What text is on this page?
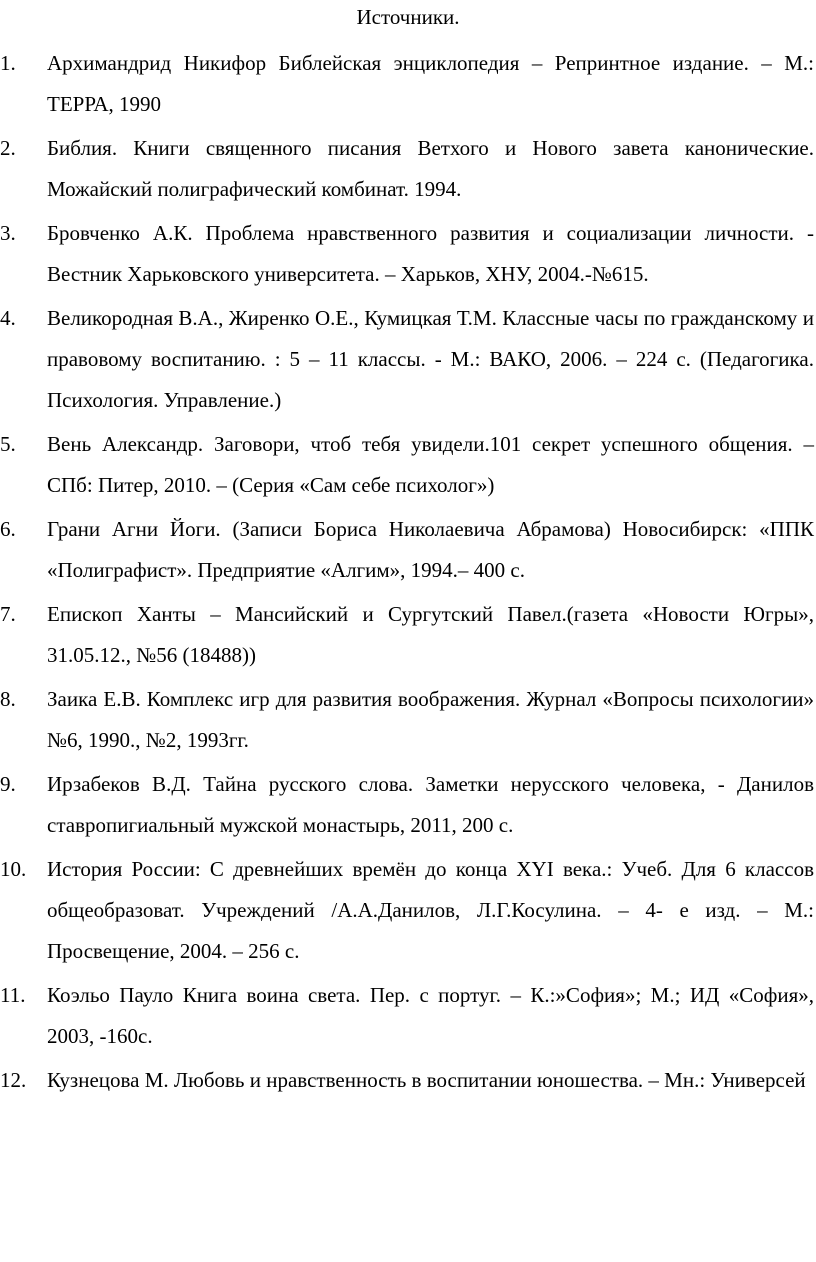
Источники.
1.	Архимандрид Никифор Библейская энциклопедия – Репринтное издание. – М.: ТЕРРА, 1990
2.	Библия. Книги священного писания Ветхого и Нового завета канонические. Можайский полиграфический комбинат. 1994.
3.	Бровченко А.К. Проблема нравственного развития и социализации личности. - Вестник Харьковского университета. – Харьков, ХНУ, 2004.-№615.
4.	Великородная В.А., Жиренко О.Е., Кумицкая Т.М. Классные часы по гражданскому и правовому воспитанию. : 5 – 11 классы. - М.: ВАКО, 2006. – 224 с. (Педагогика. Психология. Управление.)
5.	Вень Александр. Заговори, чтоб тебя увидели.101 секрет успешного общения. – СПб: Питер, 2010. – (Серия «Сам себе психолог»)
6.	Грани Агни Йоги. (Записи Бориса Николаевича Абрамова) Новосибирск: «ППК «Полиграфист». Предприятие «Алгим», 1994.– 400 с.
7.	Епископ Ханты – Мансийский и Сургутский Павел.(газета «Новости Югры», 31.05.12., №56 (18488))
8.	Заика Е.В. Комплекс игр для развития воображения. Журнал «Вопросы психологии» №6, 1990., №2, 1993гг.
9.	Ирзабеков В.Д. Тайна русского слова. Заметки нерусского человека, - Данилов ставропигиальный мужской монастырь, 2011, 200 с.
10. История России: С древнейших времён до конца XYI века.: Учеб. Для 6 классов общеобразоват. Учреждений /А.А.Данилов, Л.Г.Косулина. – 4- е изд. – М.: Просвещение, 2004. – 256 с.
11.	Коэльо Пауло Книга воина света. Пер. с португ. – К.:»София»; М.; ИД «София», 2003, -160с.
12. Кузнецова М. Любовь и нравственность в воспитании юношества. – Мн.: Универсей
